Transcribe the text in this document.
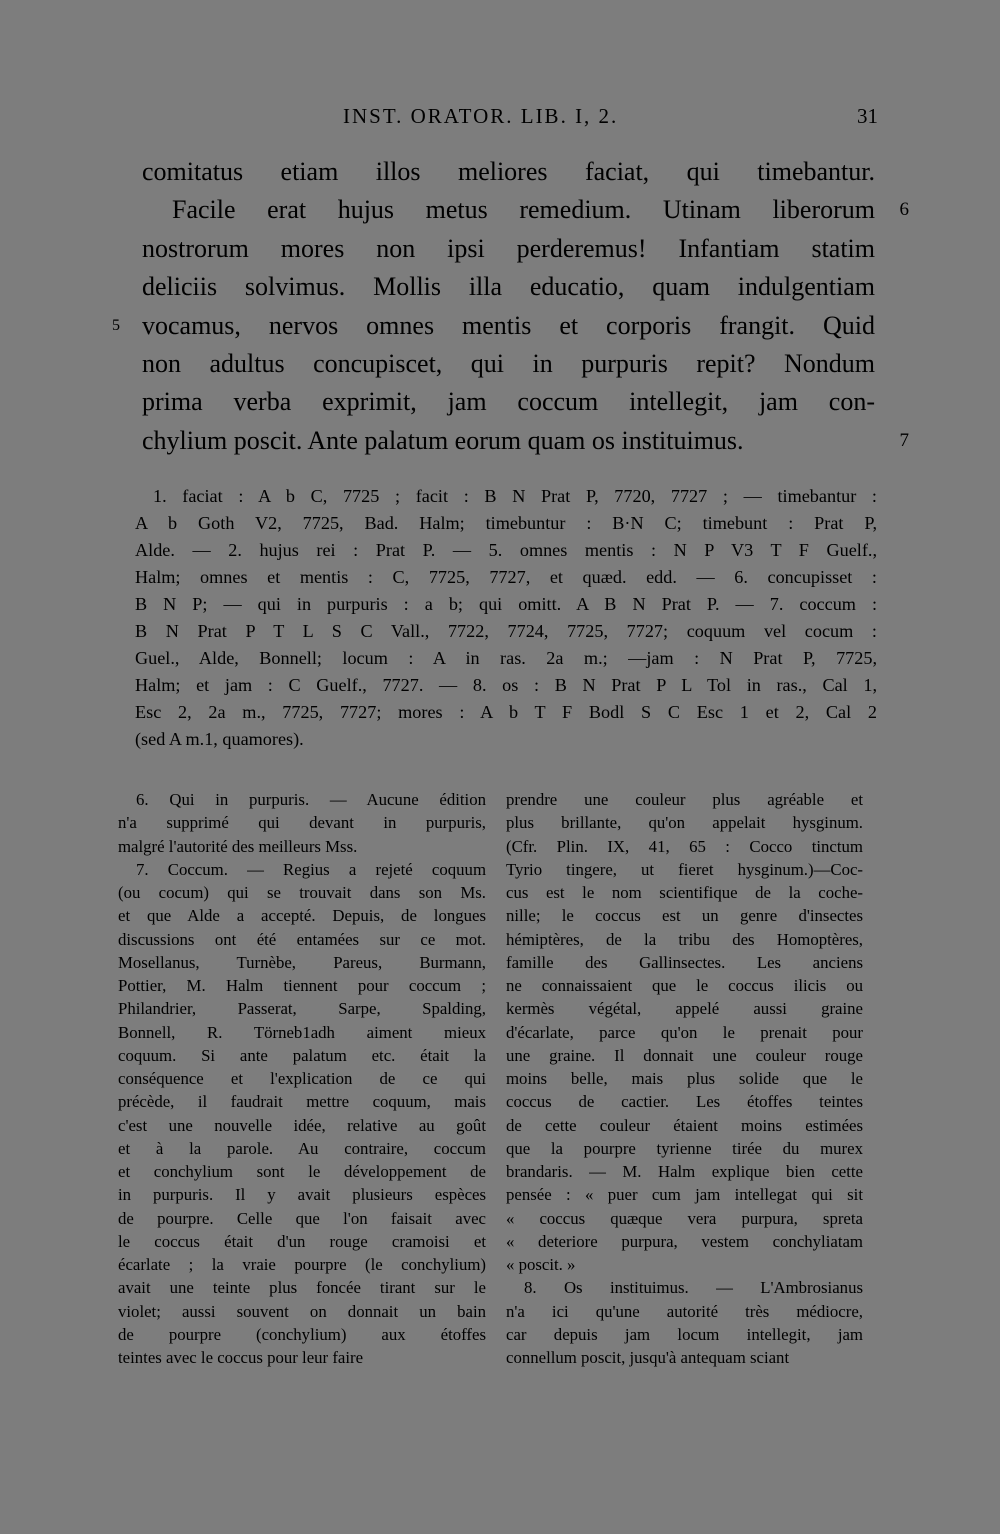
INST. ORATOR. LIB. I, 2.	31
comitatus etiam illos meliores faciat, qui timebantur.
Facile erat hujus metus remedium. Utinam liberorum 6
nostrorum mores non ipsi perderemus! Infantiam statim
deliciis solvimus. Mollis illa educatio, quam indulgentiam
vocamus, nervos omnes mentis et corporis frangit. Quid
5
non adultus concupiscet, qui in purpuris repit? Nondum
prima verba exprimit, jam coccum intellegit, jam con-
chylium poscit. Ante palatum eorum quam os instituimus.	7
1. faciat : A b C, 7725 ; facit : B N Prat P, 7720, 7727 ; — timebantur :
A b Goth V2, 7725, Bad. Halm; timebuntur : B·N C; timebunt : Prat P,
Alde. — 2. hujus rei : Prat P. — 5. omnes mentis : N P V3 T F Guelf.,
Halm; omnes et mentis : C, 7725, 7727, et quæd. edd. — 6. concupisset :
B N P; — qui in purpuris : a b; qui omitt. A B N Prat P. — 7. coccum :
B N Prat P T L S C Vall., 7722, 7724, 7725, 7727; coquum vel cocum :
Guel., Alde, Bonnell; locum : A in ras. 2a m.; —jam : N Prat P, 7725,
Halm; et jam : C Guelf., 7727. — 8. os : B N Prat P L Tol in ras., Cal 1,
Esc 2, 2a m., 7725, 7727; mores : A b T F Bodl S C Esc 1 et 2, Cal 2
(sed A m.1, quamores).
6. Qui in purpuris. — Aucune édition
n'a supprimé qui devant in purpuris,
malgré l'autorité des meilleurs Mss.
7. Coccum. — Regius a rejeté coquum
(ou cocum) qui se trouvait dans son Ms.
et que Alde a accepté. Depuis, de longues
discussions ont été entamées sur ce mot.
Mosellanus, Turnèbe, Pareus, Burmann,
Pottier, M. Halm tiennent pour coccum ;
Philandrier, Passerat, Sarpe, Spalding,
Bonnell, R. Törneb1adh aiment mieux
coquum. Si ante palatum etc. était la
conséquence et l'explication de ce qui
précède, il faudrait mettre coquum, mais
c'est une nouvelle idée, relative au goût
et à la parole. Au contraire, coccum
et conchylium sont le développement de
in purpuris. Il y avait plusieurs espèces
de pourpre. Celle que l'on faisait avec
le coccus était d'un rouge cramoisi et
écarlate ; la vraie pourpre (le conchylium)
avait une teinte plus foncée tirant sur le
violet; aussi souvent on donnait un bain
de pourpre (conchylium) aux étoffes
teintes avec le coccus pour leur faire
prendre une couleur plus agréable et
plus brillante, qu'on appelait hysginum.
(Cfr. Plin. IX, 41, 65 : Cocco tinctum
Tyrio tingere, ut fieret hysginum.)—Coc-
cus est le nom scientifique de la coche-
nille; le coccus est un genre d'insectes
hémiptères, de la tribu des Homoptères,
famille des Gallinsectes. Les anciens
ne connaissaient que le coccus ilicis ou
kermès végétal, appelé aussi graine
d'écarlate, parce qu'on le prenait pour
une graine. Il donnait une couleur rouge
moins belle, mais plus solide que le
coccus de cactier. Les étoffes teintes
de cette couleur étaient moins estimées
que la pourpre tyrienne tirée du murex
brandaris. — M. Halm explique bien cette
pensée : « puer cum jam intellegat qui sit
« coccus quæque vera purpura, spreta
« deteriore purpura, vestem conchyliatam
« poscit. »
8. Os instituimus. — L'Ambrosianus
n'a ici qu'une autorité très médiocre,
car depuis jam locum intellegit, jam
connellum poscit, jusqu'à antequam sciant
